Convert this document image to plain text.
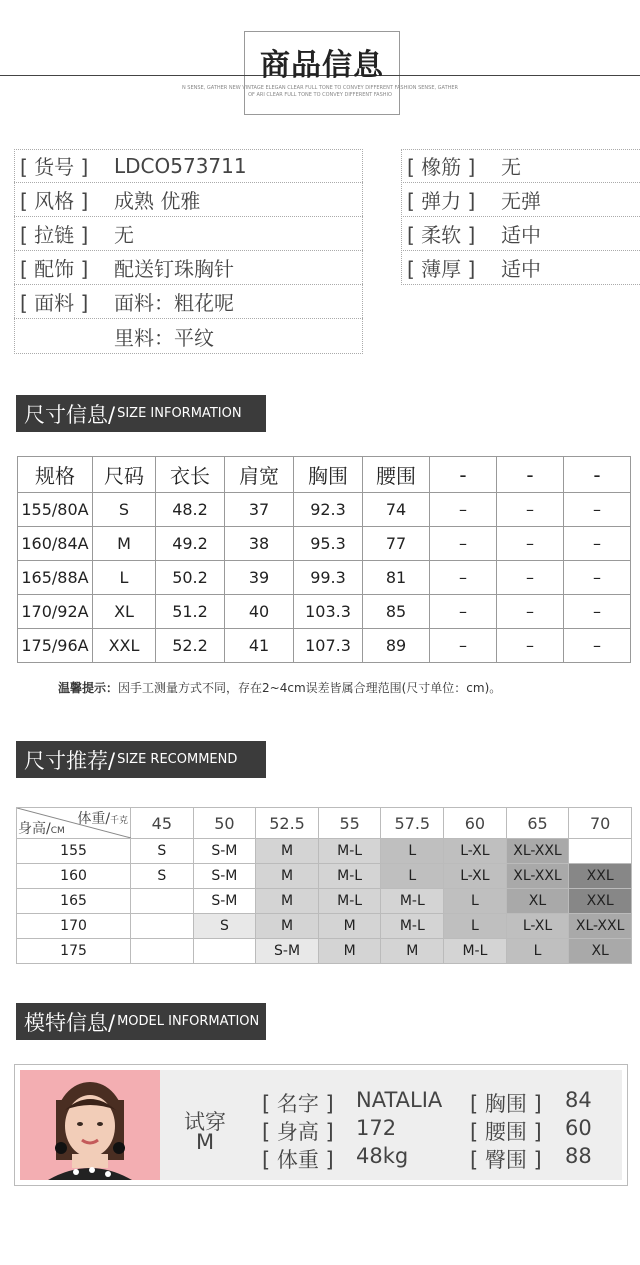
商品信息
N SENSE, GATHER NEW VINTAGE ELEGAN CLEAR FULL TONE TO CONVEY DIFFERENT FASHION SENSE, GATHER
OF ARI CLEAR FULL TONE TO CONVEY DIFFERENT FASHIO
[ 货号 ]	LDCO573711
[ 风格 ]	成熟 优雅
[ 拉链 ]	无
[ 配饰 ]	配送钉珠胸针
[ 面料 ]	面料：粗花呢
里料：平纹
[ 橡筋 ]	无
[ 弹力 ]	无弹
[ 柔软 ]	适中
[ 薄厚 ]	适中
尺寸信息/ SIZE INFORMATION
规格	尺码	衣长	肩宽	胸围	腰围	-	-	-
155/80A	S	48.2	37	92.3	74	–	–	–
160/84A	M	49.2	38	95.3	77	–	–	–
165/88A	L	50.2	39	99.3	81	–	–	–
170/92A	XL	51.2	40	103.3	85	–	–	–
175/96A	XXL	52.2	41	107.3	89	–	–	–
温馨提示：因手工测量方式不同，存在2~4cm误差皆属合理范围(尺寸单位：cm)。
尺寸推荐/ SIZE RECOMMEND
体重/千克
身高/CM	45	50	52.5	55	57.5	60	65	70
155	S	S-M	M	M-L	L	L-XL	XL-XXL	
160	S	S-M	M	M-L	L	L-XL	XL-XXL	XXL
165		S-M	M	M-L	M-L	L	XL	XXL
170		S	M	M	M-L	L	L-XL	XL-XXL
175			S-M	M	M	M-L	L	XL
模特信息/ MODEL INFORMATION
试穿
M
[ 名字 ] NATALIA
[ 身高 ] 172
[ 体重 ] 48kg
[ 胸围 ] 84
[ 腰围 ] 60
[ 臀围 ] 88
